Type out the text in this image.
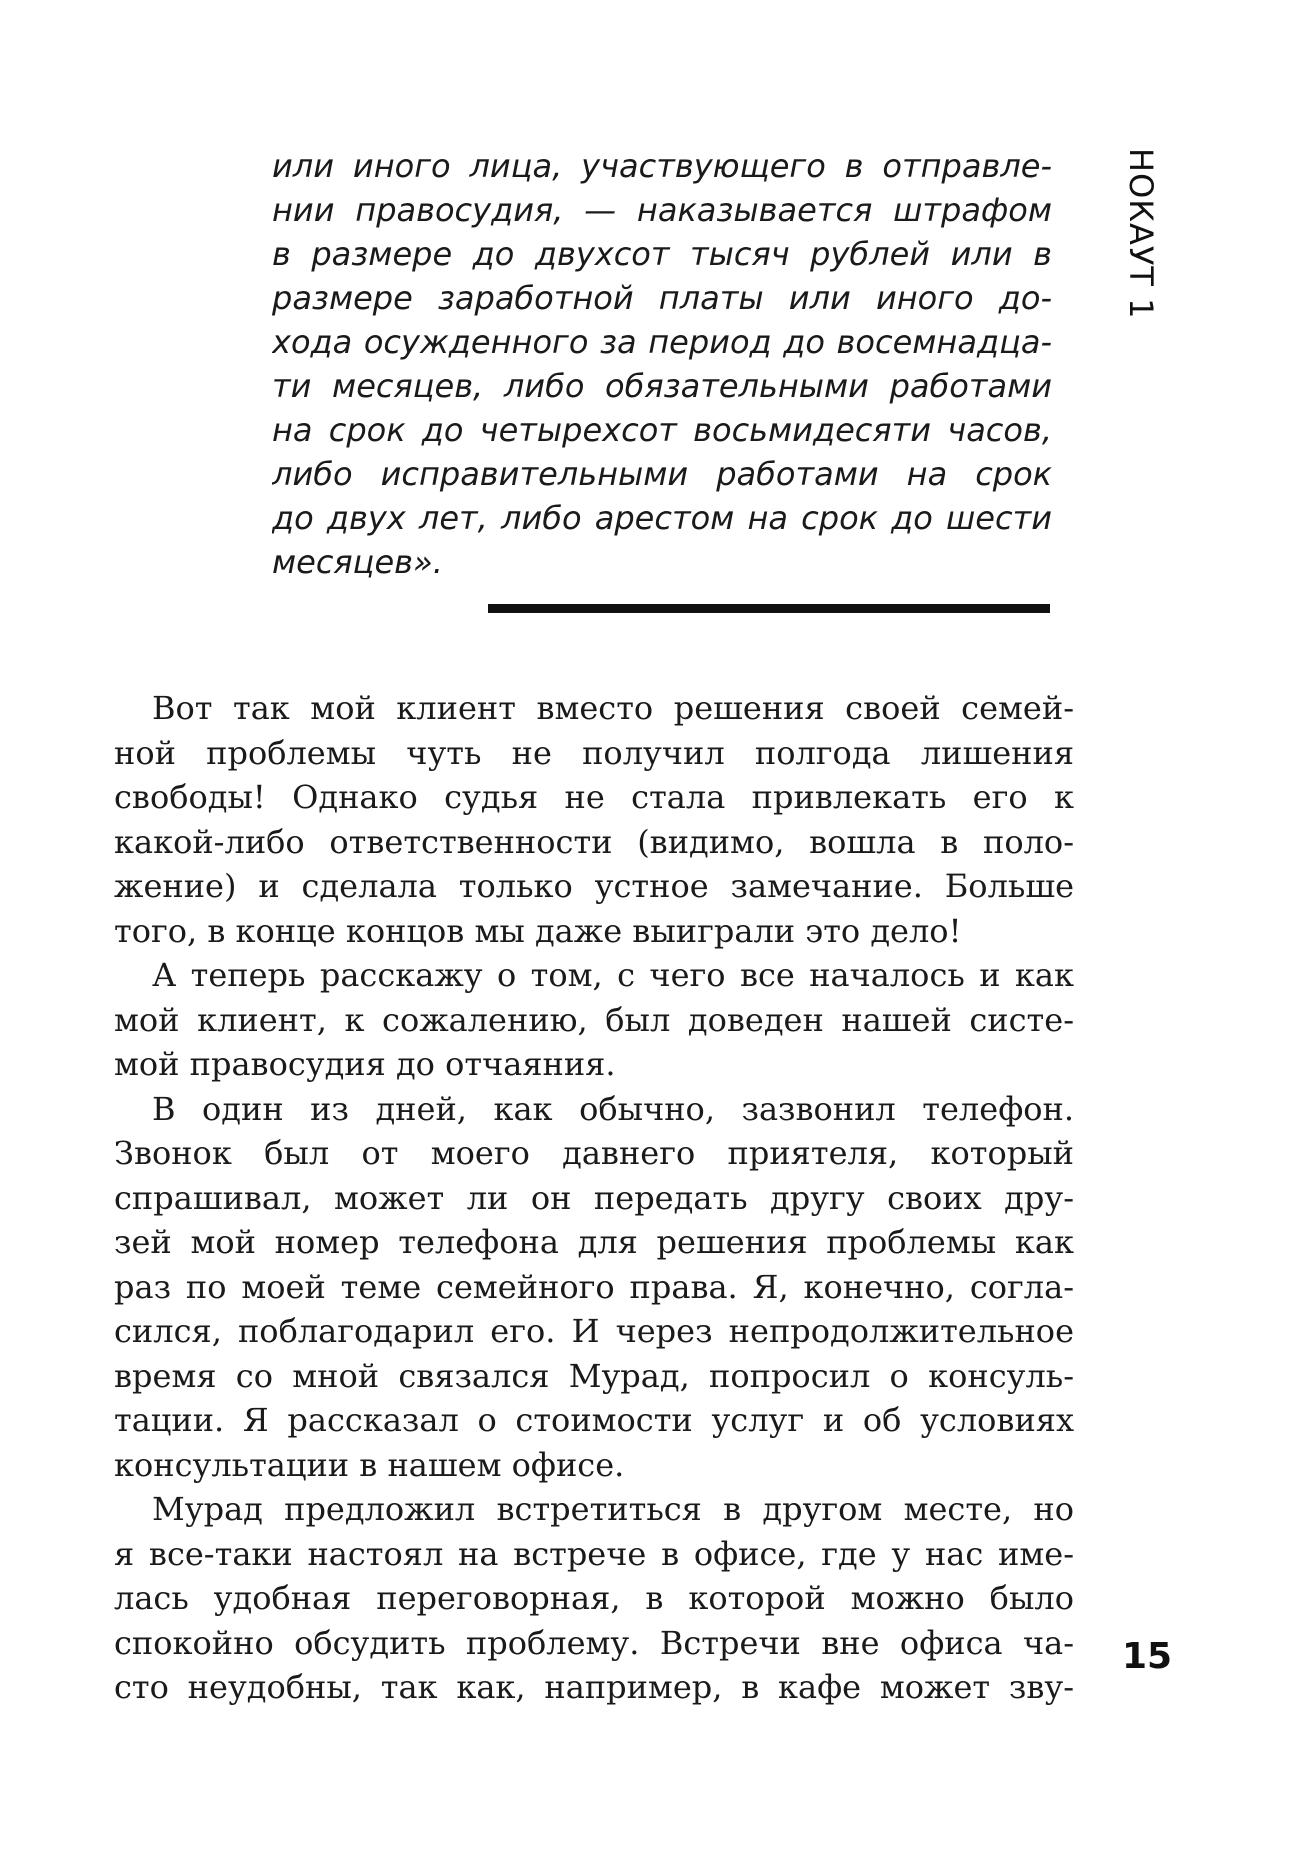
или иного лица, участвующего в отправле-
нии правосудия, — наказывается штрафом
в размере до двухсот тысяч рублей или в
размере заработной платы или иного до-
хода осужденного за период до восемнадца-
ти месяцев, либо обязательными работами
на срок до четырехсот восьмидесяти часов,
либо исправительными работами на срок
до двух лет, либо арестом на срок до шести
месяцев».
Вот так мой клиент вместо решения своей семей-
ной проблемы чуть не получил полгода лишения
свободы! Однако судья не стала привлекать его к
какой-либо ответственности (видимо, вошла в поло-
жение) и сделала только устное замечание. Больше
того, в конце концов мы даже выиграли это дело!
А теперь расскажу о том, с чего все началось и как
мой клиент, к сожалению, был доведен нашей систе-
мой правосудия до отчаяния.
В один из дней, как обычно, зазвонил телефон.
Звонок был от моего давнего приятеля, который
спрашивал, может ли он передать другу своих дру-
зей мой номер телефона для решения проблемы как
раз по моей теме семейного права. Я, конечно, согла-
сился, поблагодарил его. И через непродолжительное
время со мной связался Мурад, попросил о консуль-
тации. Я рассказал о стоимости услуг и об условиях
консультации в нашем офисе.
Мурад предложил встретиться в другом месте, но
я все-таки настоял на встрече в офисе, где у нас име-
лась удобная переговорная, в которой можно было
спокойно обсудить проблему. Встречи вне офиса ча-
сто неудобны, так как, например, в кафе может зву-
НОКАУТ 1
15
